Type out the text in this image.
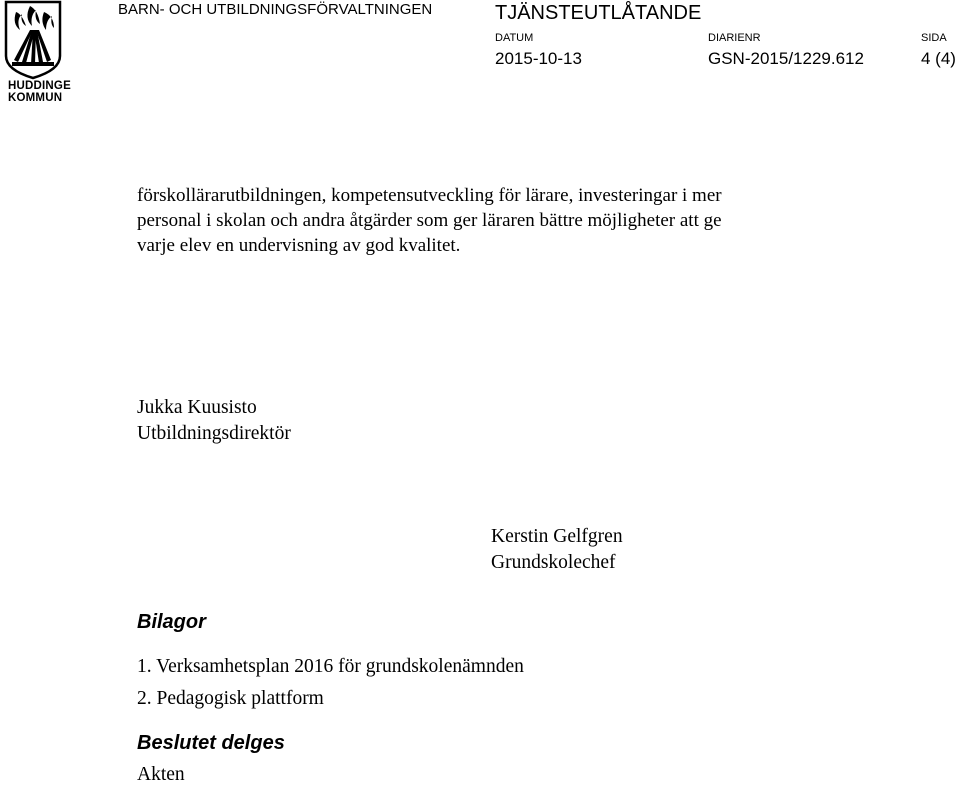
HUDDINGE
KOMMUN
BARN- OCH UTBILDNINGSFÖRVALTNINGEN	TJÄNSTEUTLÅTANDE
DATUM	DIARIENR	SIDA
2015-10-13	GSN-2015/1229.612	4 (4)
förskollärarutbildningen, kompetensutveckling för lärare, investeringar i mer
personal i skolan och andra åtgärder som ger läraren bättre möjligheter att ge
varje elev en undervisning av god kvalitet.
Jukka Kuusisto
Utbildningsdirektör
Kerstin Gelfgren
Grundskolechef
Bilagor
1. Verksamhetsplan 2016 för grundskolenämnden
2. Pedagogisk plattform
Beslutet delges
Akten
